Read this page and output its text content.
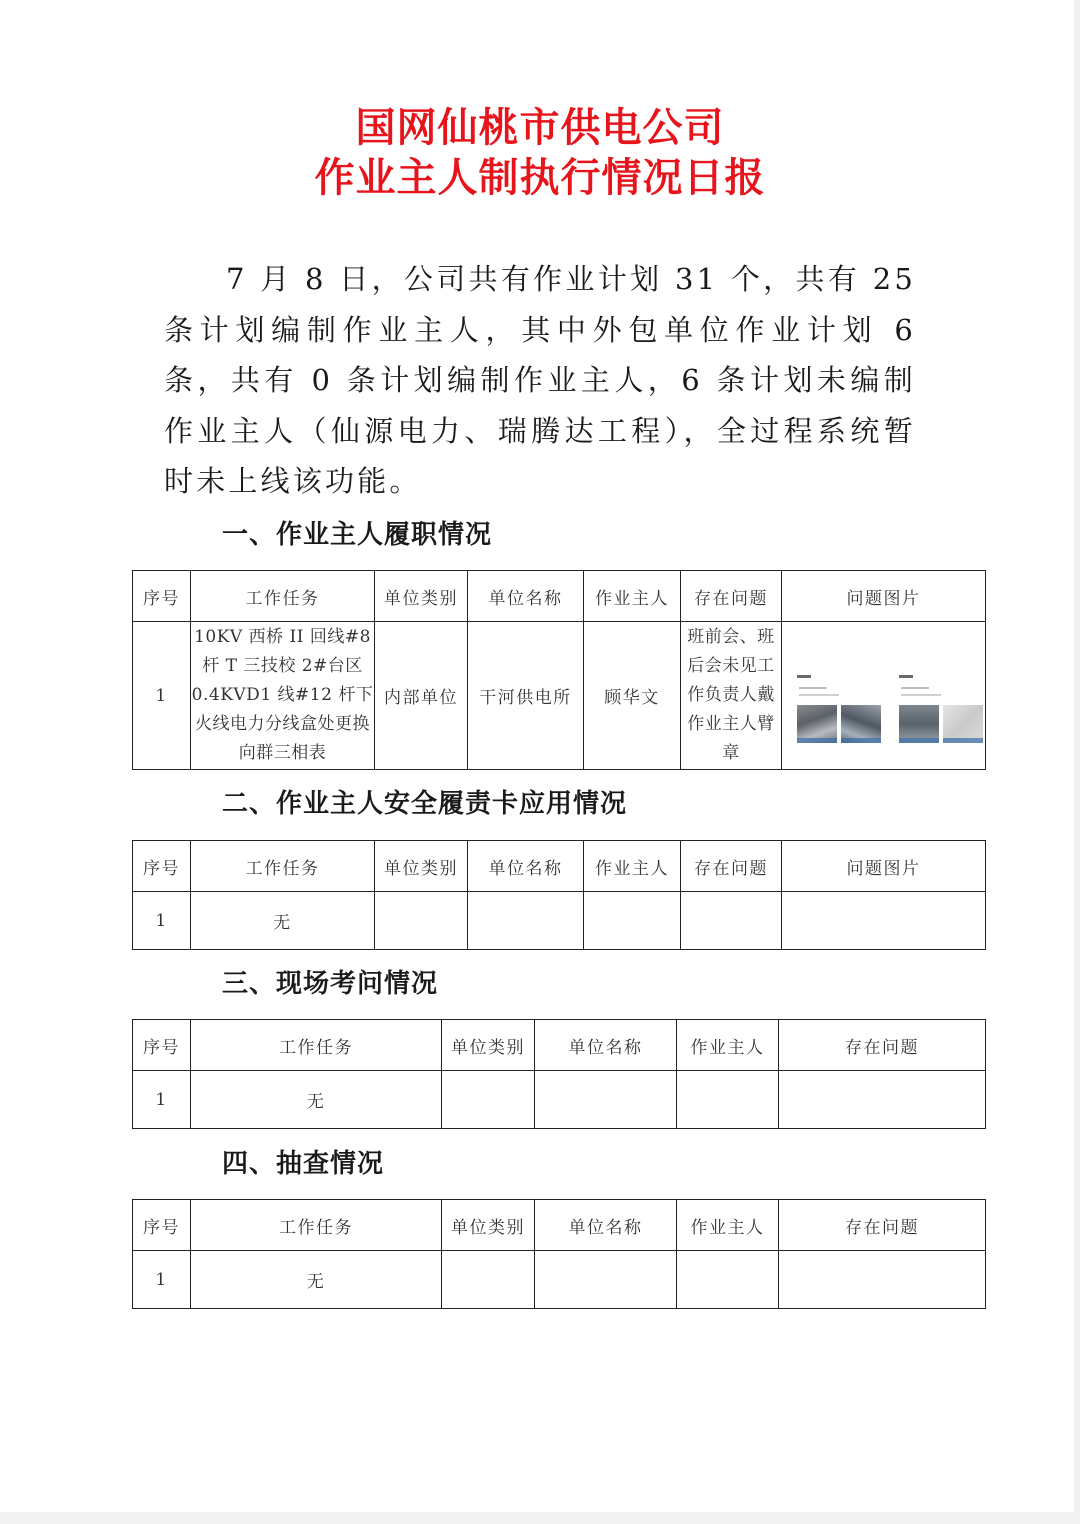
国网仙桃市供电公司
作业主人制执行情况日报

7 月 8 日，公司共有作业计划 31 个，共有 25 条计划编制作业主人，其中外包单位作业计划 6 条，共有 0 条计划编制作业主人，6 条计划未编制作业主人（仙源电力、瑞腾达工程），全过程系统暂时未上线该功能。

一、作业主人履职情况
序号	工作任务	单位类别	单位名称	作业主人	存在问题	问题图片
1	10KV 西桥 II 回线#8 杆 T 三技校 2#台区 0.4KVD1 线#12 杆下火线电力分线盒处更换向群三相表	内部单位	干河供电所	顾华文	班前会、班后会未见工作负责人戴作业主人臂章	
二、作业主人安全履责卡应用情况
序号	工作任务	单位类别	单位名称	作业主人	存在问题	问题图片
1	无					
三、现场考问情况
序号	工作任务	单位类别	单位名称	作业主人	存在问题
1	无				
四、抽查情况
序号	工作任务	单位类别	单位名称	作业主人	存在问题
1	无				
